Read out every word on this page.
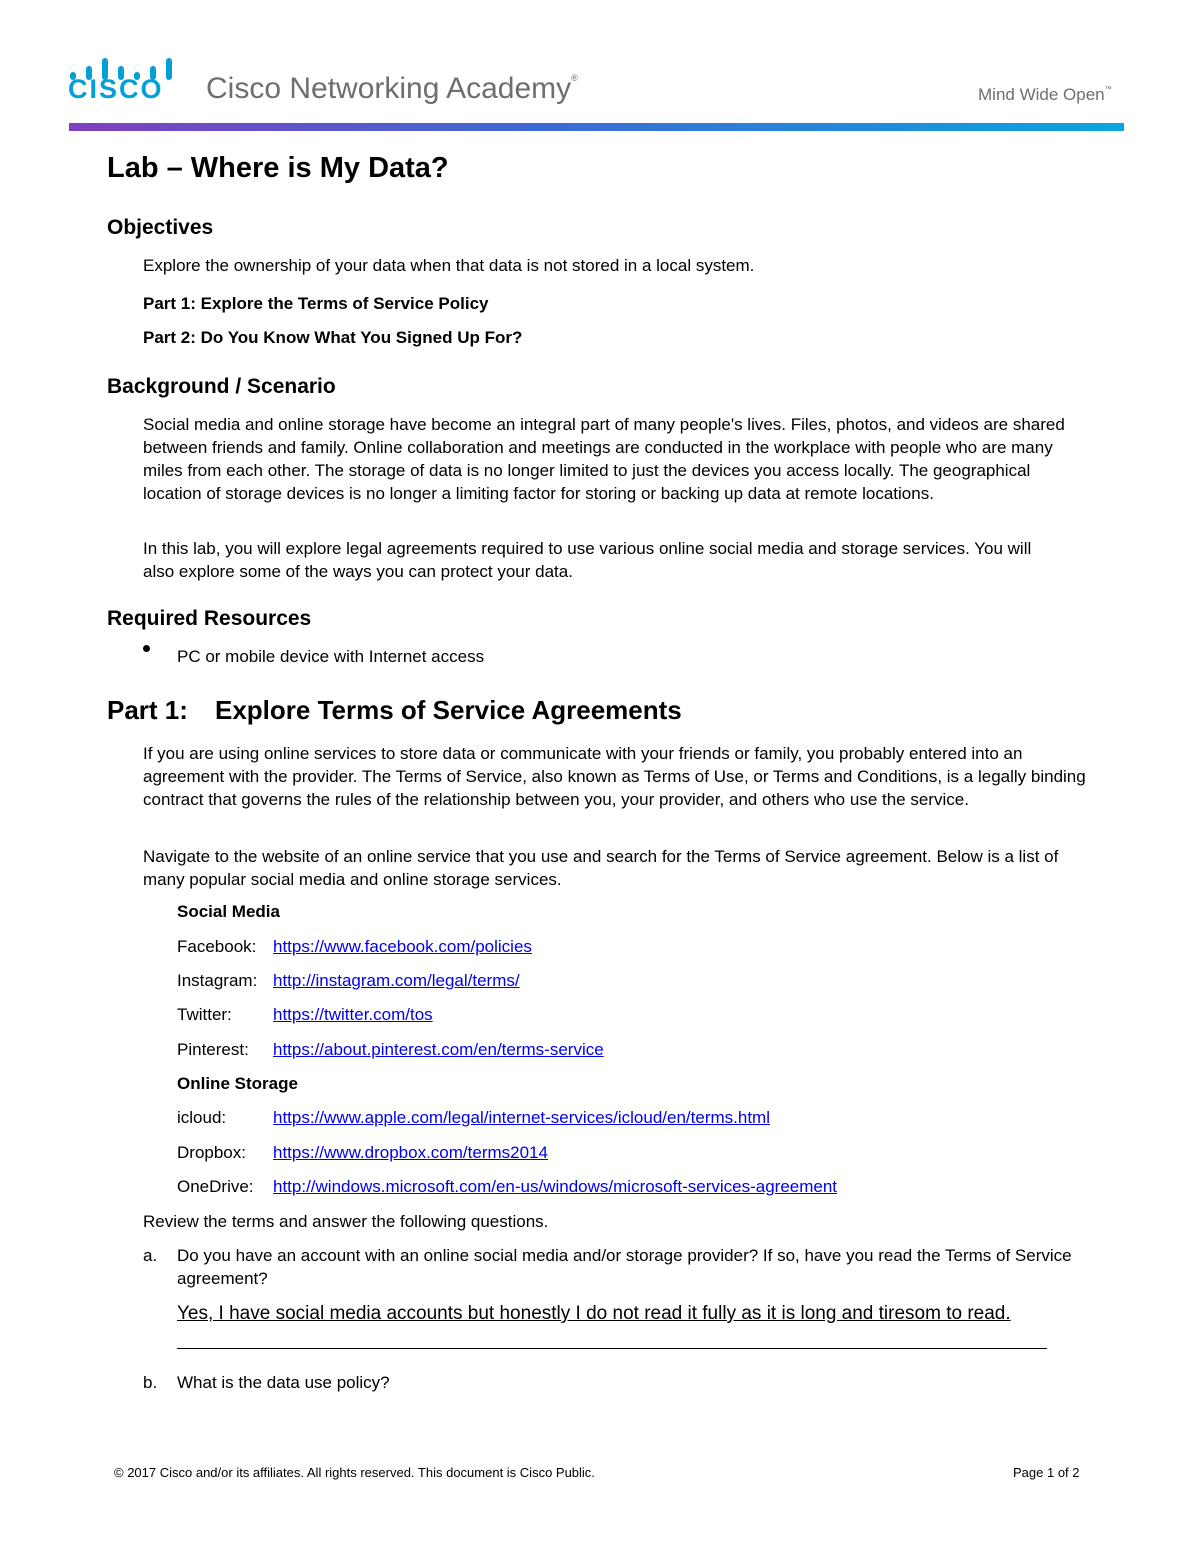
CISCO Cisco Networking Academy®
Mind Wide Open™
Lab – Where is My Data?
Objectives

Explore the ownership of your data when that data is not stored in a local system.

Part 1: Explore the Terms of Service Policy

Part 2: Do You Know What You Signed Up For?

Background / Scenario

Social media and online storage have become an integral part of many people's lives. Files, photos, and videos are shared between friends and family. Online collaboration and meetings are conducted in the workplace with people who are many miles from each other. The storage of data is no longer limited to just the devices you access locally. The geographical location of storage devices is no longer a limiting factor for storing or backing up data at remote locations.

In this lab, you will explore legal agreements required to use various online social media and storage services. You will also explore some of the ways you can protect your data.

Required Resources

PC or mobile device with Internet access

Part 1: Explore Terms of Service Agreements

If you are using online services to store data or communicate with your friends or family, you probably entered into an agreement with the provider. The Terms of Service, also known as Terms of Use, or Terms and Conditions, is a legally binding contract that governs the rules of the relationship between you, your provider, and others who use the service.

Navigate to the website of an online service that you use and search for the Terms of Service agreement. Below is a list of many popular social media and online storage services.

Social Media

Facebook: https://www.facebook.com/policies
Instagram: http://instagram.com/legal/terms/
Twitter: https://twitter.com/tos
Pinterest: https://about.pinterest.com/en/terms-service

Online Storage

icloud:	https://www.apple.com/legal/internet-services/icloud/en/terms.html
Dropbox: https://www.dropbox.com/terms2014
OneDrive: http://windows.microsoft.com/en-us/windows/microsoft-services-agreement

Review the terms and answer the following questions.

a. Do you have an account with an online social media and/or storage provider? If so, have you read the Terms of Service agreement?

Yes, I have social media accounts but honestly I do not read it fully as it is long and tiresom to read.
b. What is the data use policy?

© 2017 Cisco and/or its affiliates. All rights reserved. This document is Cisco Public.	Page 1 of 2
